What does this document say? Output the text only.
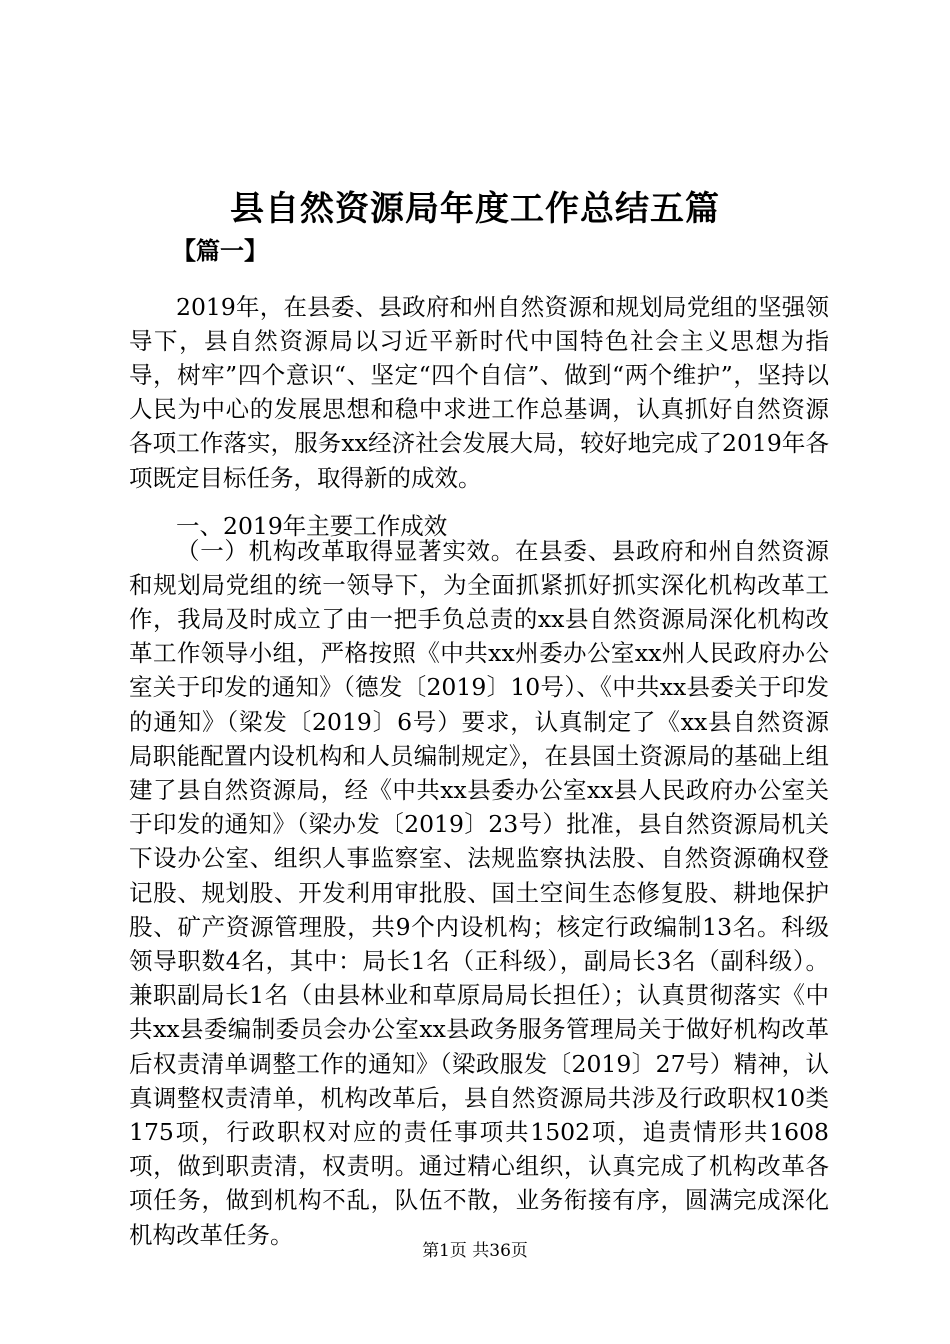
县自然资源局年度工作总结五篇
【篇一】

2019年，在县委、县政府和州自然资源和规划局党组的坚强领导下，县自然资源局以习近平新时代中国特色社会主义思想为指导，树牢”四个意识“、坚定“四个自信”、做到“两个维护”，坚持以人民为中心的发展思想和稳中求进工作总基调，认真抓好自然资源各项工作落实，服务xx经济社会发展大局，较好地完成了2019年各项既定目标任务，取得新的成效。

一、2019年主要工作成效

（一）机构改革取得显著实效。在县委、县政府和州自然资源和规划局党组的统一领导下，为全面抓紧抓好抓实深化机构改革工作，我局及时成立了由一把手负总责的xx县自然资源局深化机构改革工作领导小组，严格按照《中共xx州委办公室xx州人民政府办公室关于印发的通知》（德发〔2019〕10号）、《中共xx县委关于印发的通知》（梁发〔2019〕6号）要求，认真制定了《xx县自然资源局职能配置内设机构和人员编制规定》，在县国土资源局的基础上组建了县自然资源局，经《中共xx县委办公室xx县人民政府办公室关于印发的通知》（梁办发〔2019〕23号）批准，县自然资源局机关下设办公室、组织人事监察室、法规监察执法股、自然资源确权登记股、规划股、开发利用审批股、国土空间生态修复股、耕地保护股、矿产资源管理股，共9个内设机构；核定行政编制13名。科级领导职数4名，其中：局长1名（正科级），副局长3名（副科级）。兼职副局长1名（由县林业和草原局局长担任）；认真贯彻落实《中共xx县委编制委员会办公室xx县政务服务管理局关于做好机构改革后权责清单调整工作的通知》（梁政服发〔2019〕27号）精神，认真调整权责清单，机构改革后，县自然资源局共涉及行政职权10类175项，行政职权对应的责任事项共1502项，追责情形共1608项，做到职责清，权责明。通过精心组织，认真完成了机构改革各项任务，做到机构不乱，队伍不散，业务衔接有序，圆满完成深化机构改革任务。

第1页 共36页
